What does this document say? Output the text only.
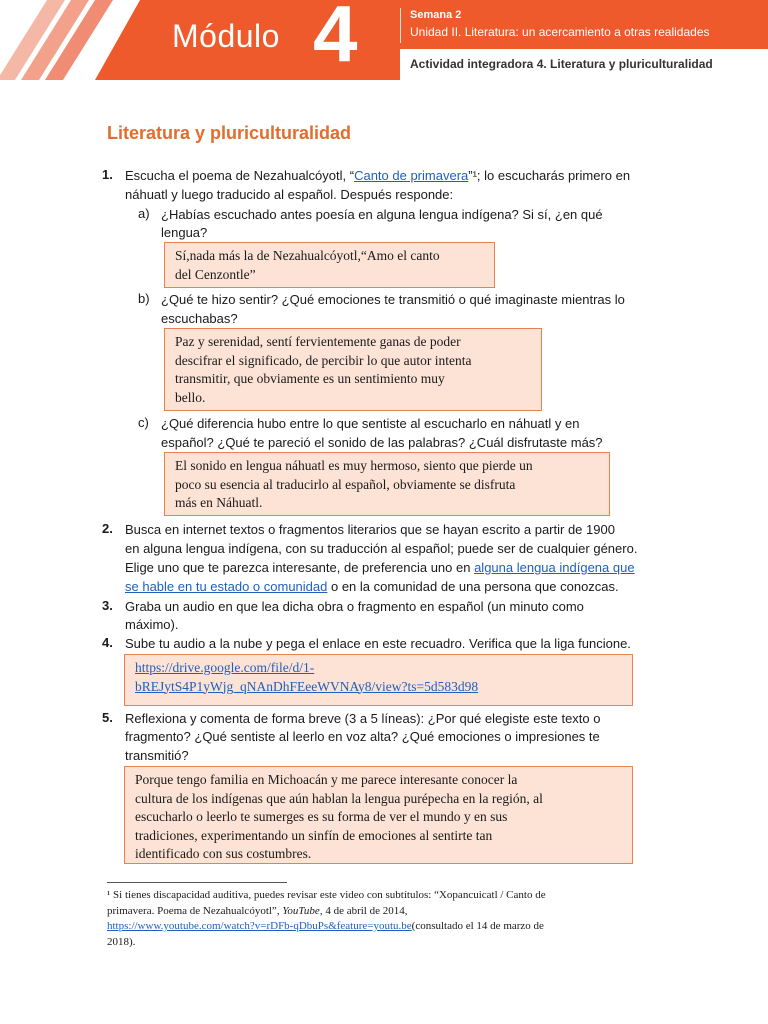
Módulo 4	Semana 2
Unidad II. Literatura: un acercamiento a otras realidades
Actividad integradora 4. Literatura y pluriculturalidad
Literatura y pluriculturalidad
1. Escucha el poema de Nezahualcóyotl, “Canto de primavera”¹; lo escucharás primero en
náhuatl y luego traducido al español. Después responde:
a) ¿Habías escuchado antes poesía en alguna lengua indígena? Si sí, ¿en qué
lengua?
Sí,nada más la de Nezahualcóyotl,“Amo el canto
del Cenzontle”
b) ¿Qué te hizo sentir? ¿Qué emociones te transmitió o qué imaginaste mientras lo
escuchabas?
Paz y serenidad, sentí fervientemente ganas de poder
descifrar el significado, de percibir lo que autor intenta
transmitir, que obviamente es un sentimiento muy
bello.
c) ¿Qué diferencia hubo entre lo que sentiste al escucharlo en náhuatl y en
español? ¿Qué te pareció el sonido de las palabras? ¿Cuál disfrutaste más?
El sonido en lengua náhuatl es muy hermoso, siento que pierde un
poco su esencia al traducirlo al español, obviamente se disfruta
más en Náhuatl.
2. Busca en internet textos o fragmentos literarios que se hayan escrito a partir de 1900
en alguna lengua indígena, con su traducción al español; puede ser de cualquier género.
Elige uno que te parezca interesante, de preferencia uno en alguna lengua indígena que
se hable en tu estado o comunidad o en la comunidad de una persona que conozcas.
3. Graba un audio en que lea dicha obra o fragmento en español (un minuto como
máximo).
4. Sube tu audio a la nube y pega el enlace en este recuadro. Verifica que la liga funcione.
https://drive.google.com/file/d/1-
bREJytS4P1yWjg_qNAnDhFEeeWVNAy8/view?ts=5d583d98
5. Reflexiona y comenta de forma breve (3 a 5 líneas): ¿Por qué elegiste este texto o
fragmento? ¿Qué sentiste al leerlo en voz alta? ¿Qué emociones o impresiones te
transmitió?
Porque tengo familia en Michoacán y me parece interesante conocer la
cultura de los indígenas que aún hablan la lengua purépecha en la región, al
escucharlo o leerlo te sumerges es su forma de ver el mundo y en sus
tradiciones, experimentando un sinfín de emociones al sentirte tan
identificado con sus costumbres.
¹ Si tienes discapacidad auditiva, puedes revisar este video con subtítulos: “Xopancuicatl / Canto de
primavera. Poema de Nezahualcóyotl”, YouTube, 4 de abril de 2014,
https://www.youtube.com/watch?v=rDFb-qDbuPs&feature=youtu.be(consultado el 14 de marzo de
2018).
